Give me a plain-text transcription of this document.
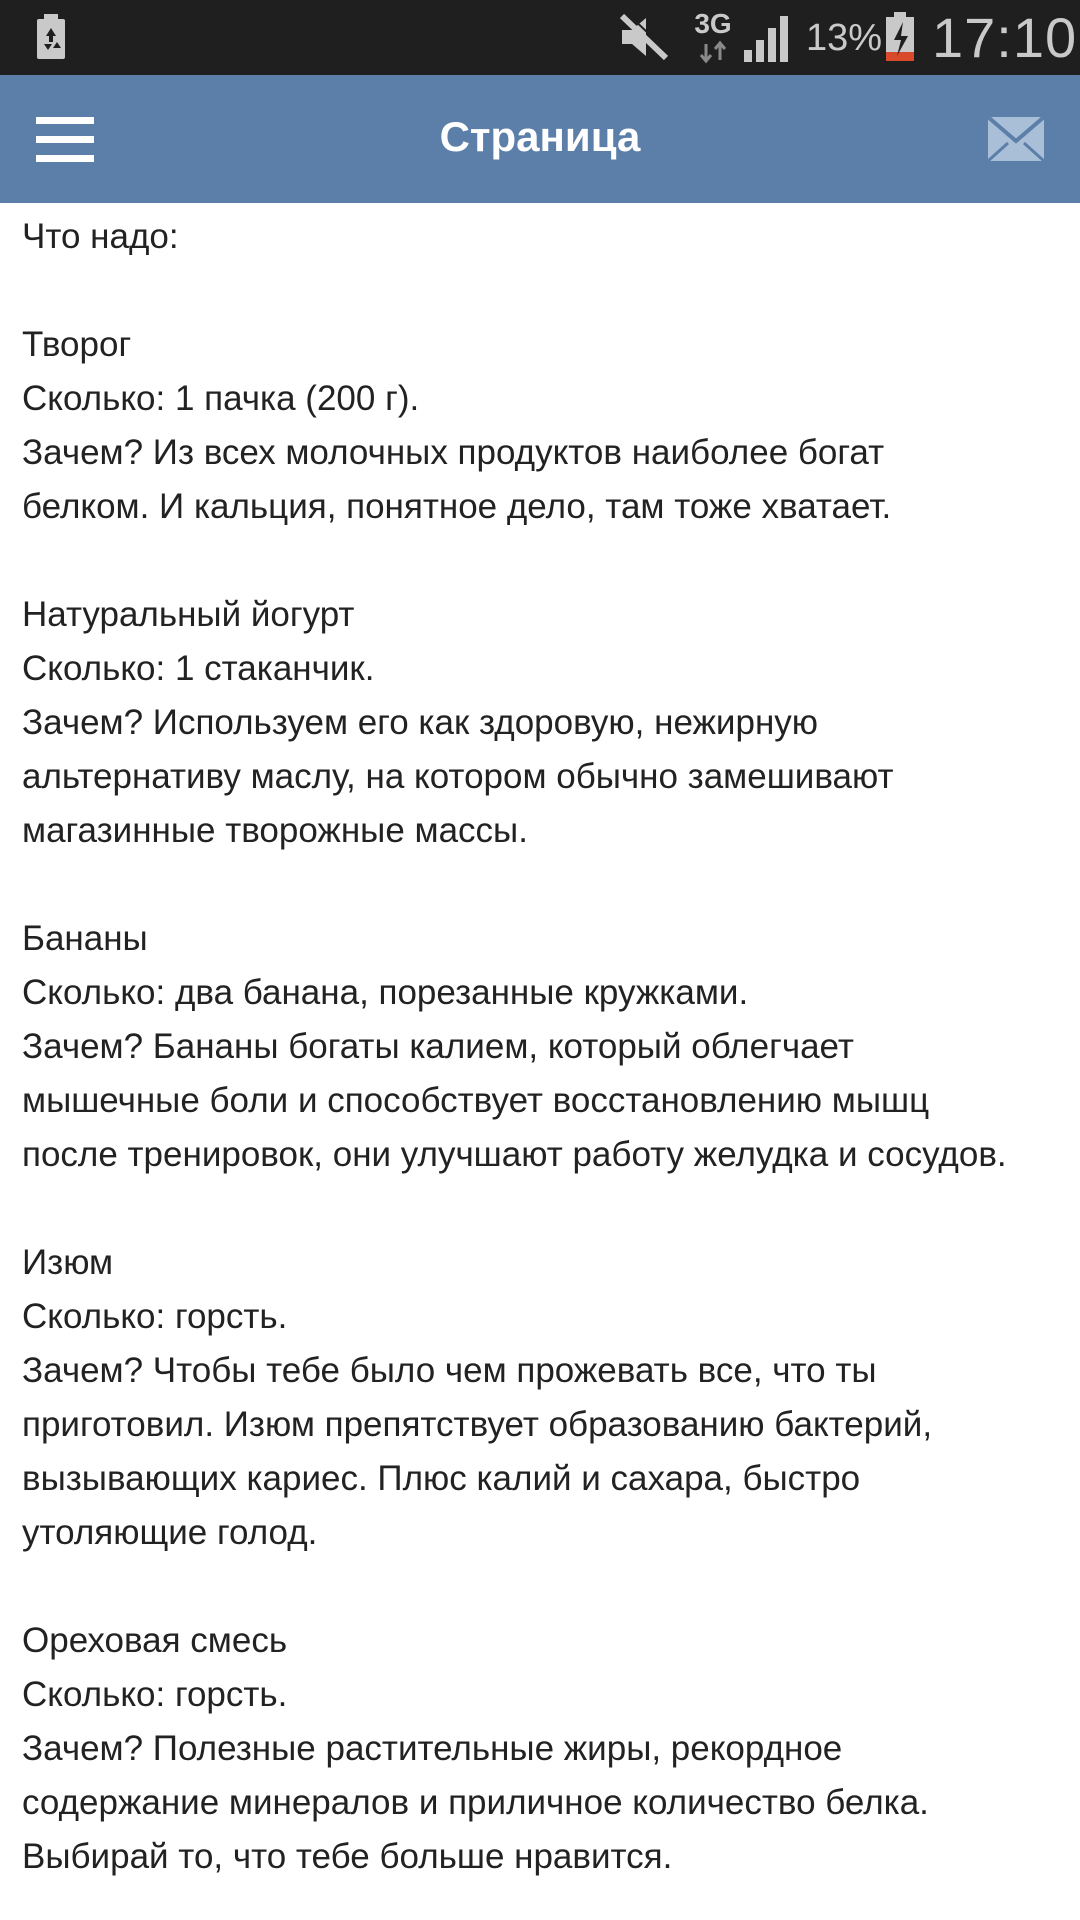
3G 13% 17:10
Страница

Что надо:

Творог

Сколько: 1 пачка (200 г).

Зачем? Из всех молочных продуктов наиболее богат

белком. И кальция, понятное дело, там тоже хватает.

Натуральный йогурт

Сколько: 1 стаканчик.

Зачем? Используем его как здоровую, нежирную

альтернативу маслу, на котором обычно замешивают

магазинные творожные массы.

Бананы

Сколько: два банана, порезанные кружками.

Зачем? Бананы богаты калием, который облегчает

мышечные боли и способствует восстановлению мышц

после тренировок, они улучшают работу желудка и сосудов.

Изюм

Сколько: горсть.

Зачем? Чтобы тебе было чем прожевать все, что ты

приготовил. Изюм препятствует образованию бактерий,

вызывающих кариес. Плюс калий и сахара, быстро

утоляющие голод.

Ореховая смесь

Сколько: горсть.

Зачем? Полезные растительные жиры, рекордное

содержание минералов и приличное количество белка.

Выбирай то, что тебе больше нравится.
